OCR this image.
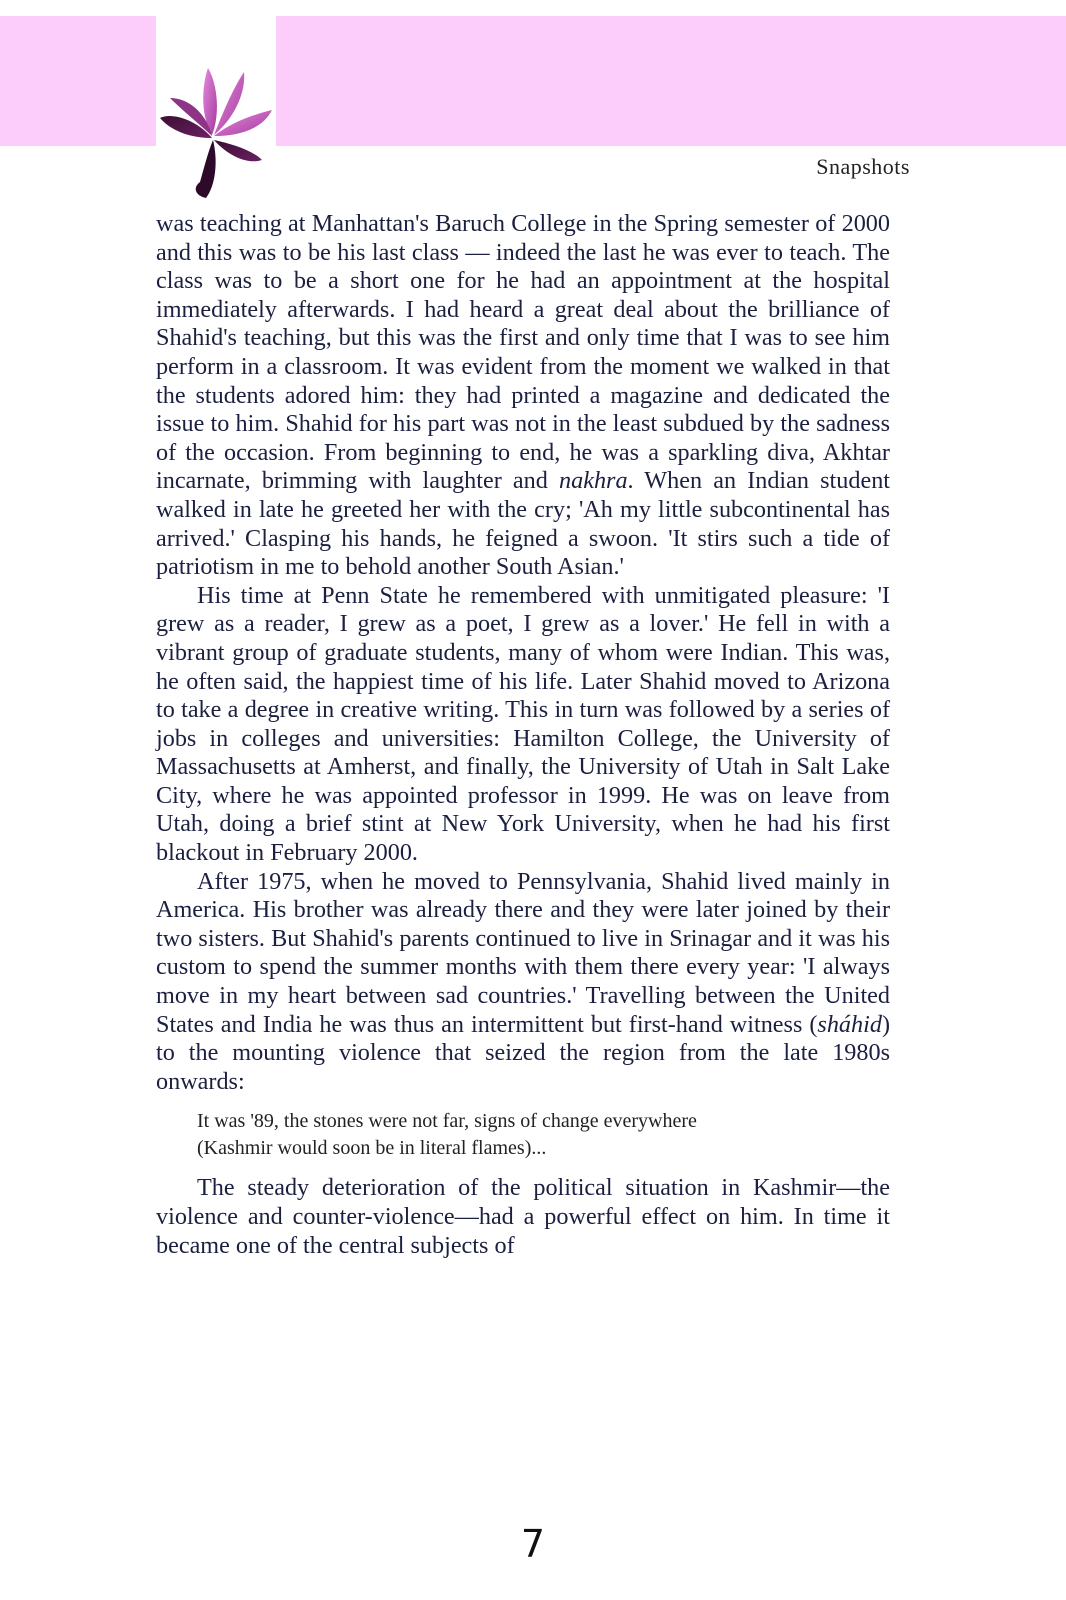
Snapshots

was teaching at Manhattan's Baruch College in the Spring semester of 2000 and this was to be his last class — indeed the last he was ever to teach. The class was to be a short one for he had an appointment at the hospital immediately afterwards. I had heard a great deal about the brilliance of Shahid's teaching, but this was the first and only time that I was to see him perform in a classroom. It was evident from the moment we walked in that the students adored him: they had printed a magazine and dedicated the issue to him. Shahid for his part was not in the least subdued by the sadness of the occasion. From beginning to end, he was a sparkling diva, Akhtar incarnate, brimming with laughter and nakhra. When an Indian student walked in late he greeted her with the cry; 'Ah my little subcontinental has arrived.' Clasping his hands, he feigned a swoon. 'It stirs such a tide of patriotism in me to behold another South Asian.'

His time at Penn State he remembered with unmitigated pleasure: 'I grew as a reader, I grew as a poet, I grew as a lover.' He fell in with a vibrant group of graduate students, many of whom were Indian. This was, he often said, the happiest time of his life. Later Shahid moved to Arizona to take a degree in creative writing. This in turn was followed by a series of jobs in colleges and universities: Hamilton College, the University of Massachusetts at Amherst, and finally, the University of Utah in Salt Lake City, where he was appointed professor in 1999. He was on leave from Utah, doing a brief stint at New York University, when he had his first blackout in February 2000.

After 1975, when he moved to Pennsylvania, Shahid lived mainly in America. His brother was already there and they were later joined by their two sisters. But Shahid's parents continued to live in Srinagar and it was his custom to spend the summer months with them there every year: 'I always move in my heart between sad countries.' Travelling between the United States and India he was thus an intermittent but first-hand witness (sháhid) to the mounting violence that seized the region from the late 1980s onwards:

It was '89, the stones were not far, signs of change everywhere
(Kashmir would soon be in literal flames)...

The steady deterioration of the political situation in Kashmir—the violence and counter-violence—had a powerful effect on him. In time it became one of the central subjects of

7
